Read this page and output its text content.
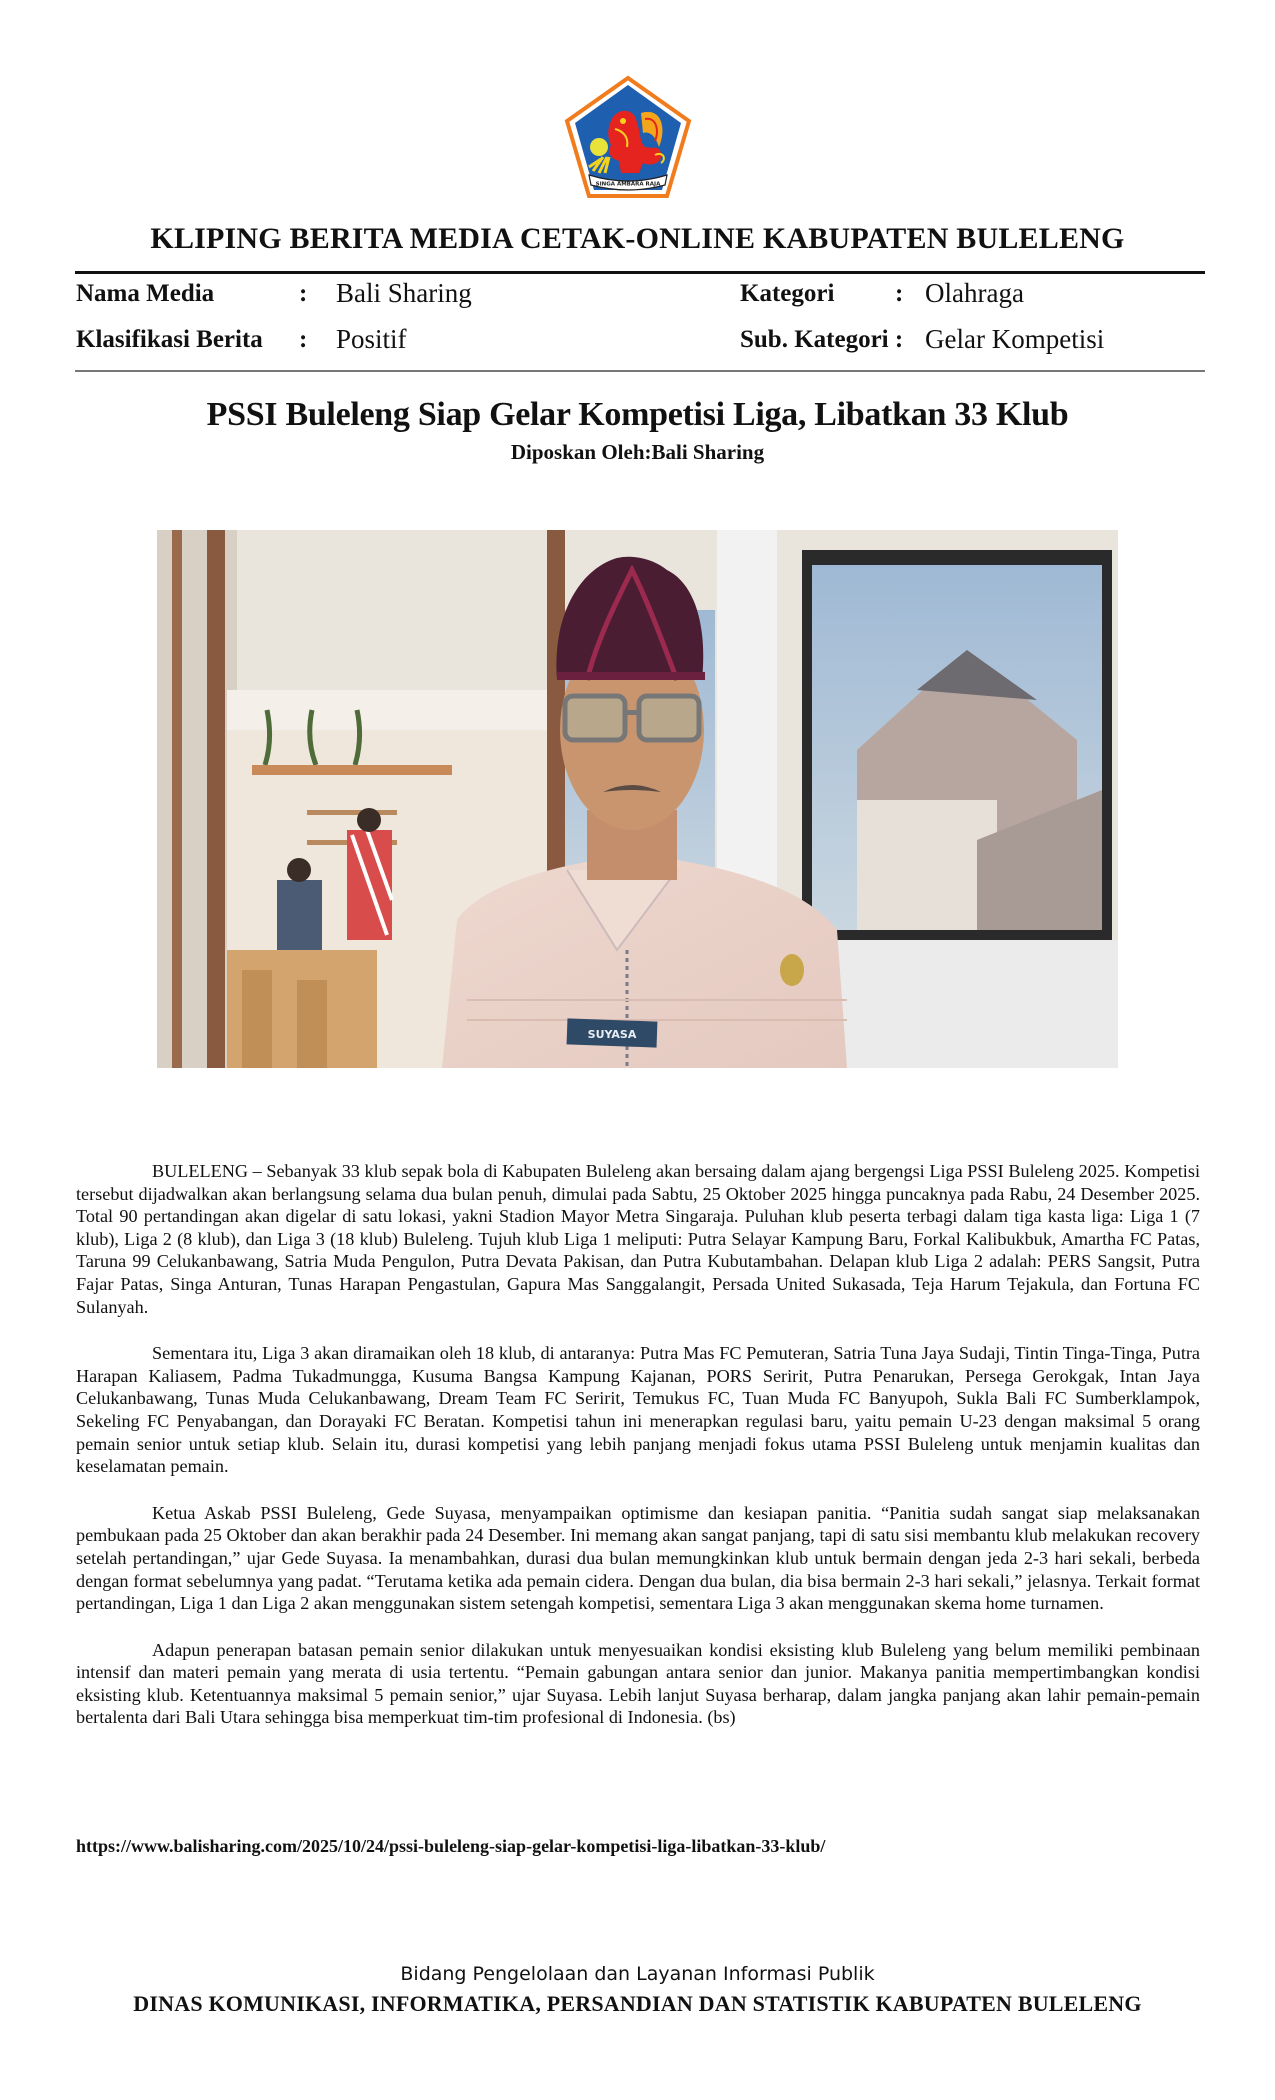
SINGA AMBARA RAJA
KLIPING BERITA MEDIA CETAK-ONLINE KABUPATEN BULELENG
Nama Media	: Bali Sharing
Klasifikasi Berita : Positif
Kategori : Olahraga
Sub. Kategori : Gelar Kompetisi
PSSI Buleleng Siap Gelar Kompetisi Liga, Libatkan 33 Klub
Diposkan Oleh:Bali Sharing
SUYASA

BULELENG – Sebanyak 33 klub sepak bola di Kabupaten Buleleng akan bersaing dalam ajang bergengsi Liga PSSI Buleleng 2025. Kompetisi tersebut dijadwalkan akan berlangsung selama dua bulan penuh, dimulai pada Sabtu, 25 Oktober 2025 hingga puncaknya pada Rabu, 24 Desember 2025. Total 90 pertandingan akan digelar di satu lokasi, yakni Stadion Mayor Metra Singaraja. Puluhan klub peserta terbagi dalam tiga kasta liga: Liga 1 (7 klub), Liga 2 (8 klub), dan Liga 3 (18 klub) Buleleng. Tujuh klub Liga 1 meliputi: Putra Selayar Kampung Baru, Forkal Kalibukbuk, Amartha FC Patas, Taruna 99 Celukanbawang, Satria Muda Pengulon, Putra Devata Pakisan, dan Putra Kubutambahan. Delapan klub Liga 2 adalah: PERS Sangsit, Putra Fajar Patas, Singa Anturan, Tunas Harapan Pengastulan, Gapura Mas Sanggalangit, Persada United Sukasada, Teja Harum Tejakula, dan Fortuna FC Sulanyah.

Sementara itu, Liga 3 akan diramaikan oleh 18 klub, di antaranya: Putra Mas FC Pemuteran, Satria Tuna Jaya Sudaji, Tintin Tinga-Tinga, Putra Harapan Kaliasem, Padma Tukadmungga, Kusuma Bangsa Kampung Kajanan, PORS Seririt, Putra Penarukan, Persega Gerokgak, Intan Jaya Celukanbawang, Tunas Muda Celukanbawang, Dream Team FC Seririt, Temukus FC, Tuan Muda FC Banyupoh, Sukla Bali FC Sumberklampok, Sekeling FC Penyabangan, dan Dorayaki FC Beratan. Kompetisi tahun ini menerapkan regulasi baru, yaitu pemain U-23 dengan maksimal 5 orang pemain senior untuk setiap klub. Selain itu, durasi kompetisi yang lebih panjang menjadi fokus utama PSSI Buleleng untuk menjamin kualitas dan keselamatan pemain.

Ketua Askab PSSI Buleleng, Gede Suyasa, menyampaikan optimisme dan kesiapan panitia. “Panitia sudah sangat siap melaksanakan pembukaan pada 25 Oktober dan akan berakhir pada 24 Desember. Ini memang akan sangat panjang, tapi di satu sisi membantu klub melakukan recovery setelah pertandingan,” ujar Gede Suyasa. Ia menambahkan, durasi dua bulan memungkinkan klub untuk bermain dengan jeda 2-3 hari sekali, berbeda dengan format sebelumnya yang padat. “Terutama ketika ada pemain cidera. Dengan dua bulan, dia bisa bermain 2-3 hari sekali,” jelasnya. Terkait format pertandingan, Liga 1 dan Liga 2 akan menggunakan sistem setengah kompetisi, sementara Liga 3 akan menggunakan skema home turnamen.

Adapun penerapan batasan pemain senior dilakukan untuk menyesuaikan kondisi eksisting klub Buleleng yang belum memiliki pembinaan intensif dan materi pemain yang merata di usia tertentu. “Pemain gabungan antara senior dan junior. Makanya panitia mempertimbangkan kondisi eksisting klub. Ketentuannya maksimal 5 pemain senior,” ujar Suyasa. Lebih lanjut Suyasa berharap, dalam jangka panjang akan lahir pemain-pemain bertalenta dari Bali Utara sehingga bisa memperkuat tim-tim profesional di Indonesia. (bs)

https://www.balisharing.com/2025/10/24/pssi-buleleng-siap-gelar-kompetisi-liga-libatkan-33-klub/
Bidang Pengelolaan dan Layanan Informasi Publik
DINAS KOMUNIKASI, INFORMATIKA, PERSANDIAN DAN STATISTIK KABUPATEN BULELENG
